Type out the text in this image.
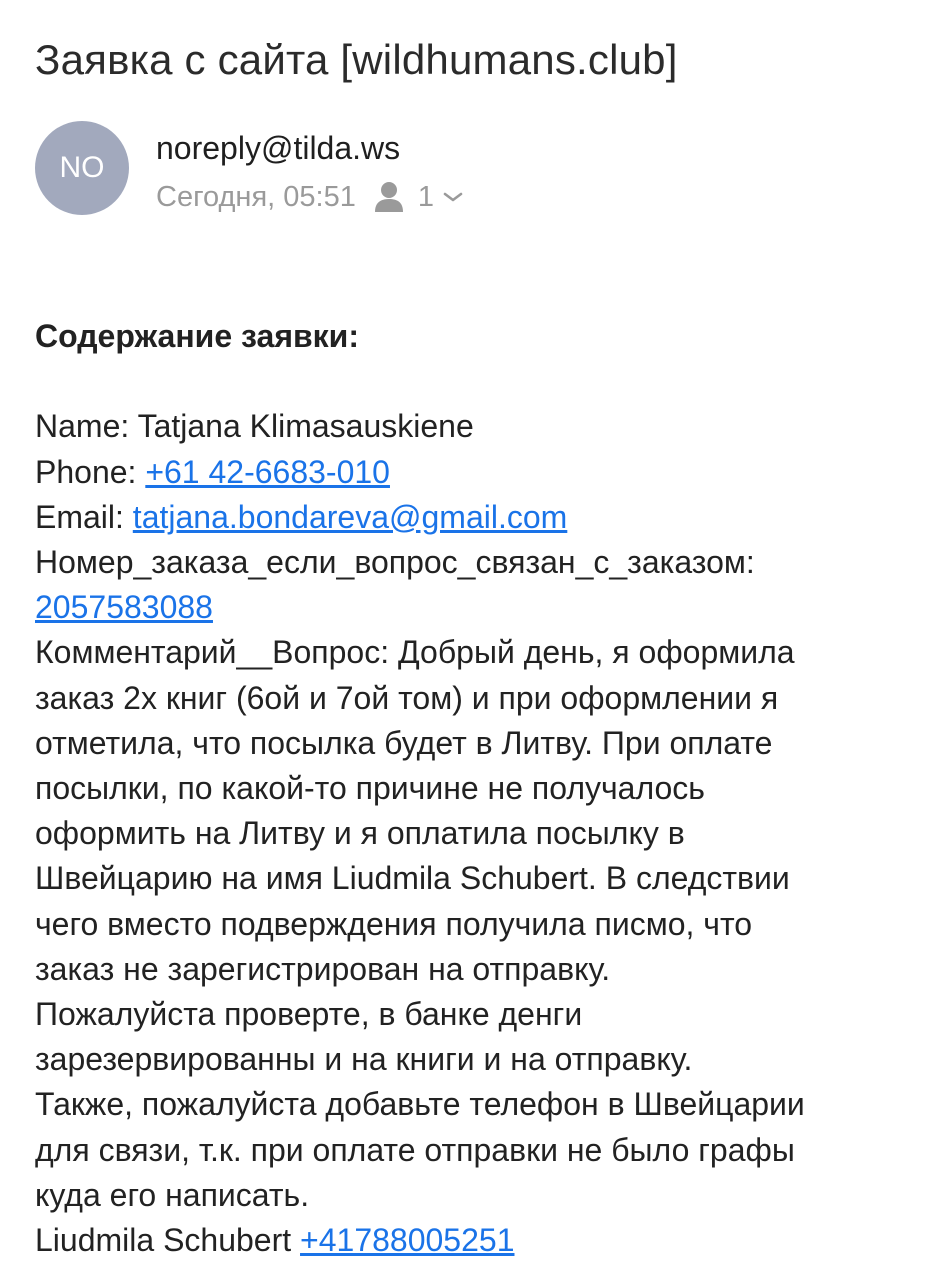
Заявка с сайта [wildhumans.club]
NO
noreply@tilda.ws
Сегодня, 05:51 1
Содержание заявки:
Name: Tatjana Klimasauskiene
Phone: +61 42-6683-010
Email: tatjana.bondareva@gmail.com
Номер_заказа_если_вопрос_связан_с_заказом:
2057583088
Комментарий__Вопрос: Добрый день, я оформила
заказ 2х книг (6ой и 7ой том) и при оформлении я
отметила, что посылка будет в Литву. При оплате
посылки, по какой-то причине не получалось
оформить на Литву и я оплатила посылку в
Швейцарию на имя Liudmila Schubert. В следствии
чего вместо подверждения получила писмо, что
заказ не зарегистрирован на отправку.
Пожалуйста проверте, в банке денги
зарезервированны и на книги и на отправку.
Также, пожалуйста добавьте телефон в Швейцарии
для связи, т.к. при оплате отправки не было графы
куда его написать.
Liudmila Schubert +41788005251
